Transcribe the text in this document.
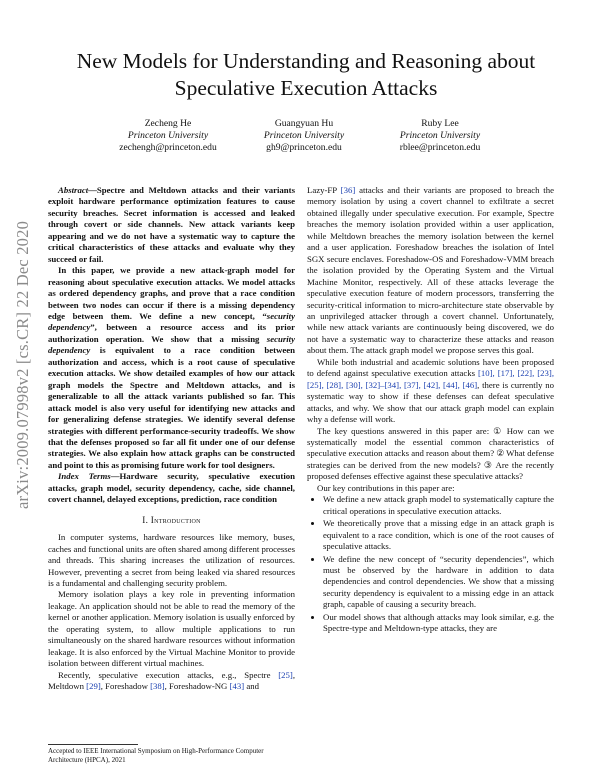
arXiv:2009.07998v2 [cs.CR] 22 Dec 2020
New Models for Understanding and Reasoning about Speculative Execution Attacks
Zecheng He
Princeton University
zechengh@princeton.edu
Guangyuan Hu
Princeton University
gh9@princeton.edu
Ruby Lee
Princeton University
rblee@princeton.edu

Abstract—Spectre and Meltdown attacks and their variants exploit hardware performance optimization features to cause security breaches. Secret information is accessed and leaked through covert or side channels. New attack variants keep appearing and we do not have a systematic way to capture the critical characteristics of these attacks and evaluate why they succeed or fail.

In this paper, we provide a new attack-graph model for reasoning about speculative execution attacks. We model attacks as ordered dependency graphs, and prove that a race condition between two nodes can occur if there is a missing dependency edge between them. We define a new concept, “security dependency”, between a resource access and its prior authorization operation. We show that a missing security dependency is equivalent to a race condition between authorization and access, which is a root cause of speculative execution attacks. We show detailed examples of how our attack graph models the Spectre and Meltdown attacks, and is generalizable to all the attack variants published so far. This attack model is also very useful for identifying new attacks and for generalizing defense strategies. We identify several defense strategies with different performance-security tradeoffs. We show that the defenses proposed so far all fit under one of our defense strategies. We also explain how attack graphs can be constructed and point to this as promising future work for tool designers.

Index Terms—Hardware security, speculative execution attacks, graph model, security dependency, cache, side channel, covert channel, delayed exceptions, prediction, race condition

I. Introduction

In computer systems, hardware resources like memory, buses, caches and functional units are often shared among different processes and threads. This sharing increases the utilization of resources. However, preventing a secret from being leaked via shared resources is a fundamental and challenging security problem.

Memory isolation plays a key role in preventing information leakage. An application should not be able to read the memory of the kernel or another application. Memory isolation is usually enforced by the operating system, to allow multiple applications to run simultaneously on the shared hardware resources without information leakage. It is also enforced by the Virtual Machine Monitor to provide isolation between different virtual machines.

Recently, speculative execution attacks, e.g., Spectre [25], Meltdown [29], Foreshadow [38], Foreshadow-NG [43] and

Accepted to IEEE International Symposium on High-Performance Computer Architecture (HPCA), 2021

Lazy-FP [36] attacks and their variants are proposed to breach the memory isolation by using a covert channel to exfiltrate a secret obtained illegally under speculative execution. For example, Spectre breaches the memory isolation provided within a user application, while Meltdown breaches the memory isolation between the kernel and a user application. Foreshadow breaches the isolation of Intel SGX secure enclaves. Foreshadow-OS and Foreshadow-VMM breach the isolation provided by the Operating System and the Virtual Machine Monitor, respectively. All of these attacks leverage the speculative execution feature of modern processors, transferring the security-critical information to micro-architecture state observable by an unprivileged attacker through a covert channel. Unfortunately, while new attack variants are continuously being discovered, we do not have a systematic way to characterize these attacks and reason about them. The attack graph model we propose serves this goal.

While both industrial and academic solutions have been proposed to defend against speculative execution attacks [10], [17], [22], [23], [25], [28], [30], [32]–[34], [37], [42], [44], [46], there is currently no systematic way to show if these defenses can defeat speculative attacks, and why. We show that our attack graph model can explain why a defense will work.

The key questions answered in this paper are: ① How can we systematically model the essential common characteristics of speculative execution attacks and reason about them? ② What defense strategies can be derived from the new models? ③ Are the recently proposed defenses effective against these speculative attacks?

Our key contributions in this paper are:

• We define a new attack graph model to systematically capture the critical operations in speculative execution attacks.
• We theoretically prove that a missing edge in an attack graph is equivalent to a race condition, which is one of the root causes of speculative attacks.
• We define the new concept of “security dependencies”, which must be observed by the hardware in addition to data dependencies and control dependencies. We show that a missing security dependency is equivalent to a missing edge in an attack graph, capable of causing a security breach.
• Our model shows that although attacks may look similar, e.g. the Spectre-type and Meltdown-type attacks, they are
